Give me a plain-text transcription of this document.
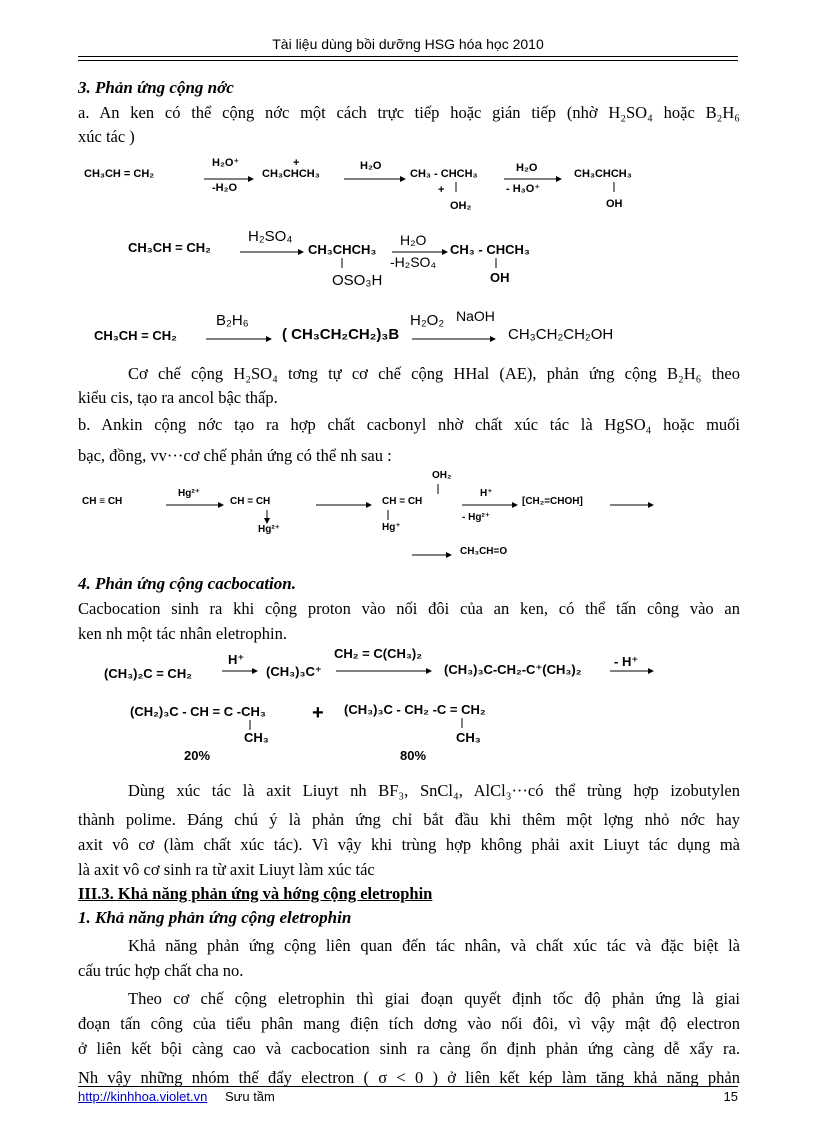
Tài liệu dùng bồi dưỡng HSG hóa học 2010
3. Phản ứng cộng nớc
a. An ken có thể cộng nớc một cách trực tiếp hoặc gián tiếp (nhờ H₂SO₄ hoặc B₂H₆
xúc tác )
CH₃CH = CH₂
H₂O⁺
-H₂O
CH₃CHCH₃
+	H₂O
CH₃ - CHCH₃
+
OH₂
H₂O
- H₃O⁺
CH₃CHCH₃
OH
CH₃CH = CH₂
H₂SO₄
CH₃CHCH₃
OSO₃H
H₂O
-H₂SO₄
CH₃ - CHCH₃
OH
CH₃CH = CH₂
B₂H₆
( CH₃CH₂CH₂)₃B
H₂O₂ NaOH
CH₃CH₂CH₂OH
Cơ chế cộng H₂SO₄ tơng tự cơ chế cộng HHal (AE), phản ứng cộng B₂H₆ theo
kiểu cis, tạo ra ancol bậc thấp.
b. Ankin cộng nớc tạo ra hợp chất cacbonyl nhờ chất xúc tác là HgSO₄ hoặc muối
bạc, đồng, vv···cơ chế phản ứng có thể nh sau :
CH ≡ CH
Hg²⁺
CH = CH
Hg²⁺
CH = CH
OH₂
Hg⁺
H⁺
- Hg²⁺
[CH₂=CHOH]
CH₃CH=O
4. Phản ứng cộng cacbocation.
Cacbocation sinh ra khi cộng proton vào nối đôi của an ken, có thể tấn công vào an
ken nh một tác nhân eletrophin.
(CH₃)₂C = CH₂
H⁺
(CH₃)₃C⁺
CH₂ = C(CH₃)₂
(CH₃)₃C-CH₂-C⁺(CH₃)₂
- H⁺
(CH₂)₃C - CH = C -CH₃
CH₃
+ (CH₃)₃C - CH₂ -C = CH₂
CH₃
20%	80%
Dùng xúc tác là axit Liuyt nh BF₃, SnCl₄, AlCl₃···có thể trùng hợp izobutylen
thành polime. Đáng chú ý là phản ứng chỉ bắt đầu khi thêm một lợng nhỏ nớc hay
axit vô cơ (làm chất xúc tác). Vì vậy khi trùng hợp không phải axit Liuyt tác dụng mà
là axit vô cơ sinh ra từ axit Liuyt làm xúc tác
III.3. Khả năng phản ứng và hớng cộng eletrophin
1. Khả năng phản ứng cộng eletrophin
Khả năng phản ứng cộng liên quan đến tác nhân, và chất xúc tác và đặc biệt là
cấu trúc hợp chất cha no.
Theo cơ chế cộng eletrophin thì giai đoạn quyết định tốc độ phản ứng là giai
đoạn tấn công của tiểu phân mang điện tích dơng vào nối đôi, vì vậy mật độ electron
ở liên kết bội càng cao và cacbocation sinh ra càng ổn định phản ứng càng dễ xẩy ra.
Nh vậy những nhóm thế đẩy electron ( σ < 0 ) ở liên kết kép làm tăng khả năng phản
http://kinhhoa.violet.vn Sưu tầm	15
